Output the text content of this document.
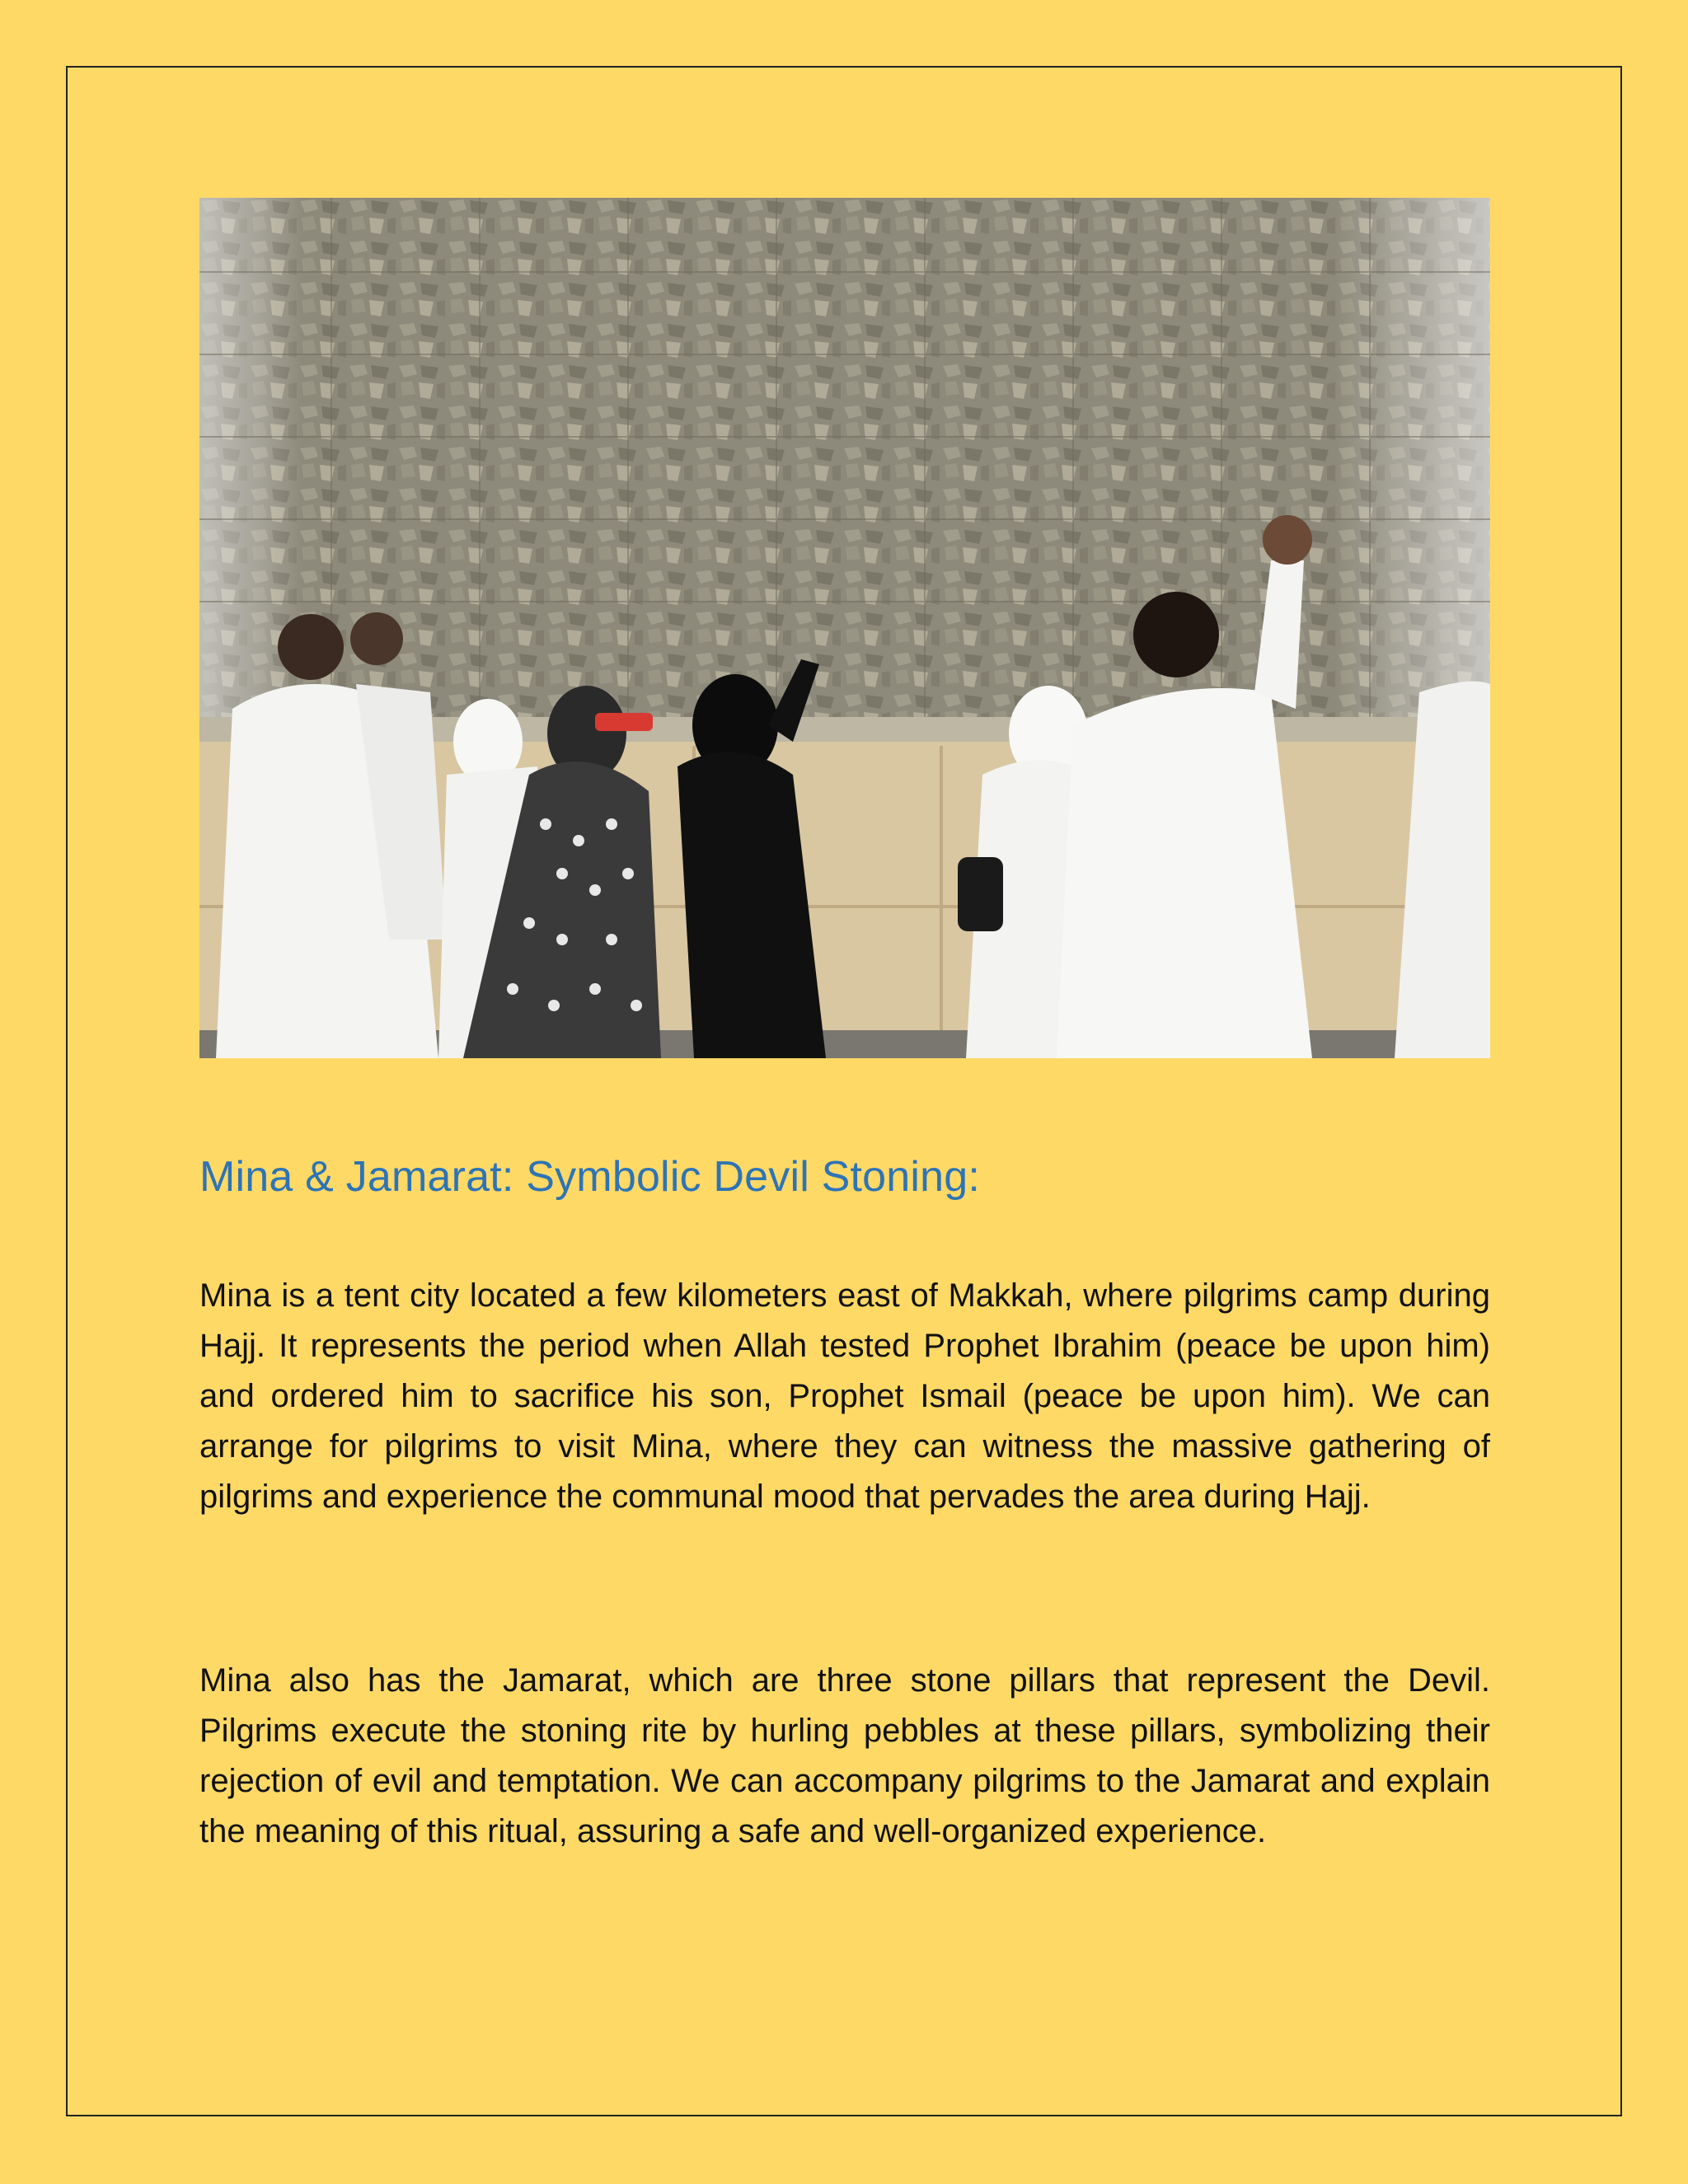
Mina & Jamarat: Symbolic Devil Stoning:

Mina is a tent city located a few kilometers east of Makkah, where pilgrims camp during Hajj. It represents the period when Allah tested Prophet Ibrahim (peace be upon him) and ordered him to sacrifice his son, Prophet Ismail (peace be upon him). We can arrange for pilgrims to visit Mina, where they can witness the massive gathering of pilgrims and experience the communal mood that pervades the area during Hajj.

Mina also has the Jamarat, which are three stone pillars that represent the Devil. Pilgrims execute the stoning rite by hurling pebbles at these pillars, symbolizing their rejection of evil and temptation. We can accompany pilgrims to the Jamarat and explain the meaning of this ritual, assuring a safe and well-organized experience.
